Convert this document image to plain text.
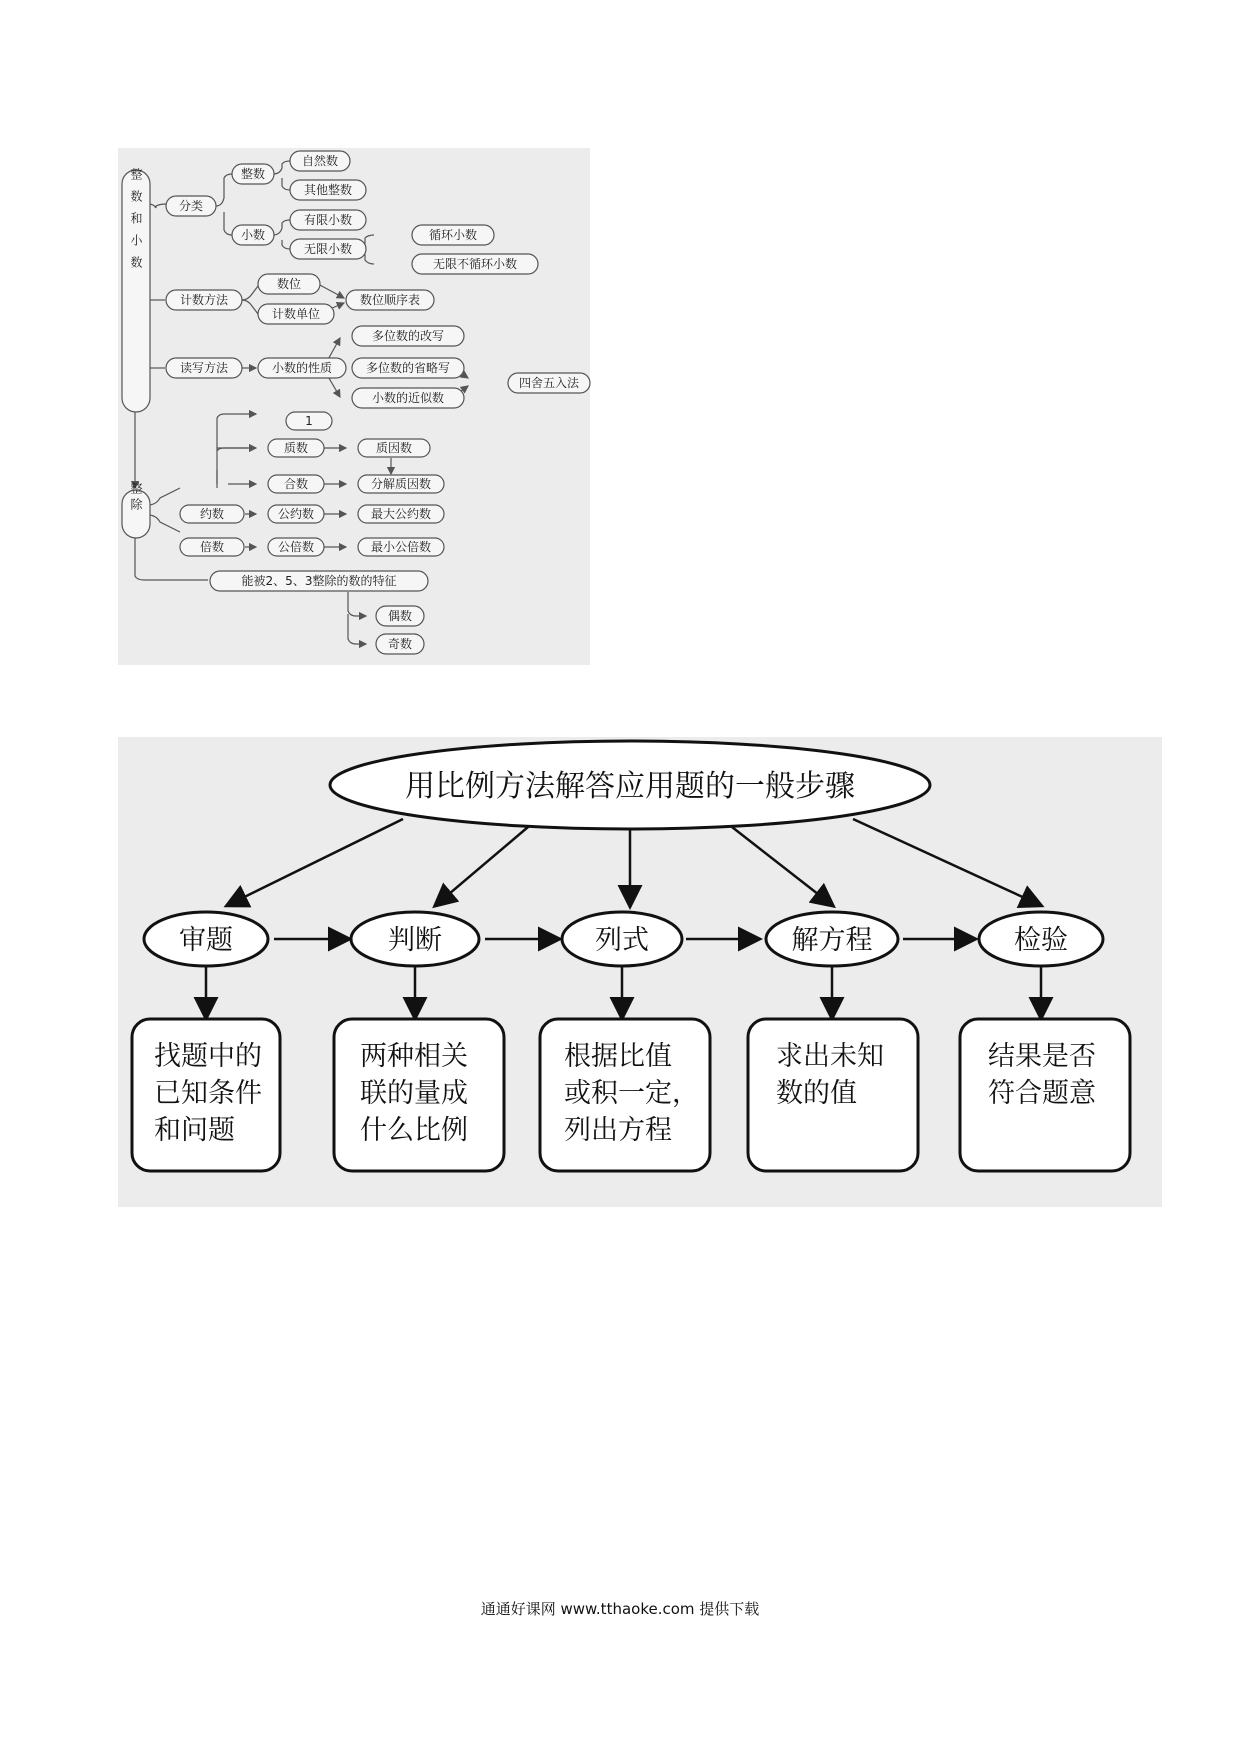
整数和小数
整除
分类
整数
自然数
其他整数
小数
有限小数
无限小数
循环小数
无限不循环小数
计数方法
数位
计数单位
数位顺序表
读写方法	小数的性质
多位数的改写
多位数的省略写
小数的近似数
四舍五入法
1
质数
合数
质因数
分解质因数
约数	公约数	最大公约数
倍数	公倍数	最小公倍数
能被2、5、3整除的数的特征
偶数
奇数
用比例方法解答应用题的一般步骤
审题	判断	列式	解方程	检验
找题中的
已知条件
和问题
两种相关
联的量成
什么比例
根据比值
或积一定，
列出方程
求出未知
数的值
结果是否
符合题意
通通好课网 www.tthaoke.com 提供下载
